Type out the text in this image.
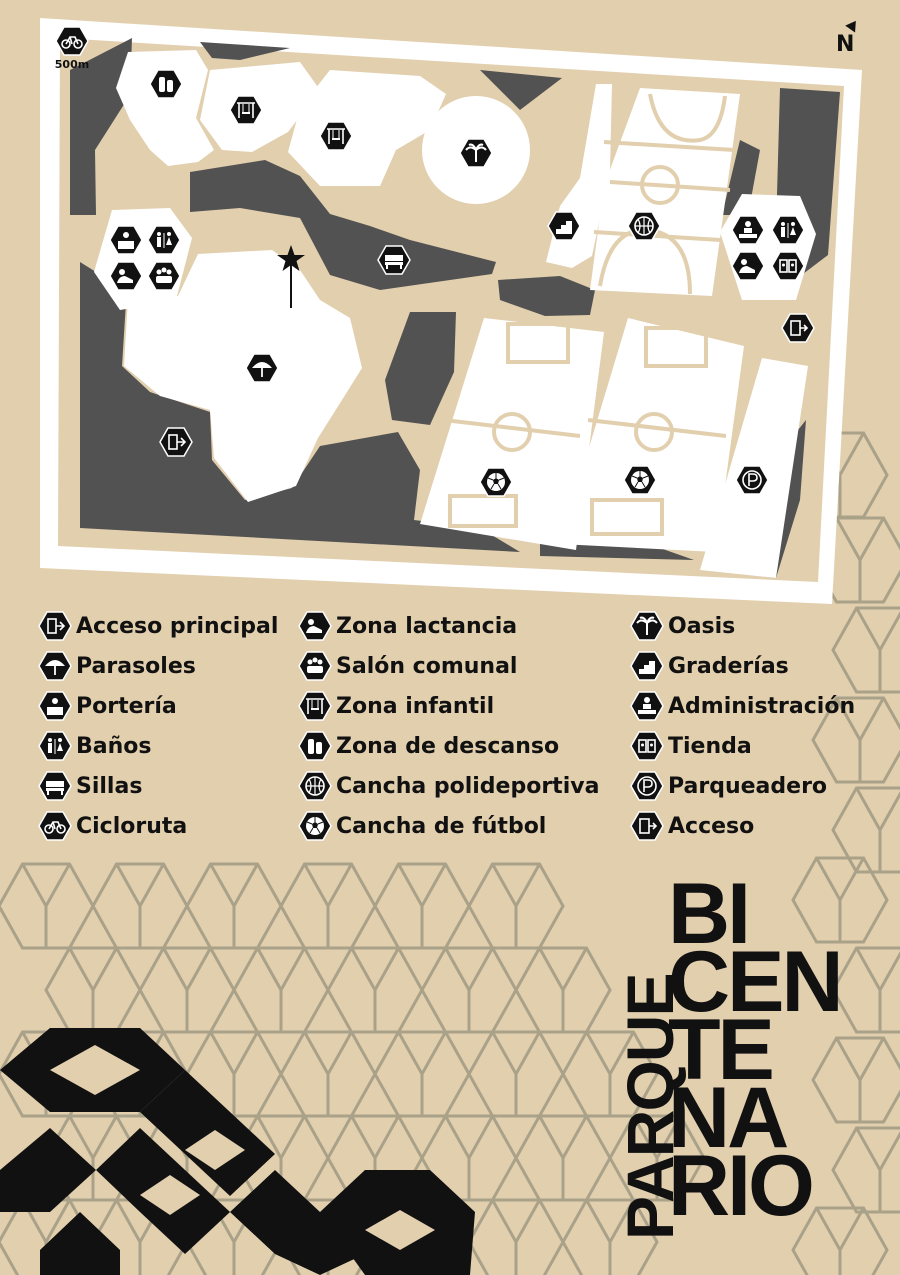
N
500m
Acceso principal
Parasoles
Portería
Baños
Sillas
Cicloruta
Zona lactancia
Salón comunal
Zona infantil
Zona de descanso
Cancha polideportiva
Cancha de fútbol
Oasis
Graderías
Administración
Tienda
Parqueadero
Acceso
PARQUE
BI
CEN
TE
NA
RIO
